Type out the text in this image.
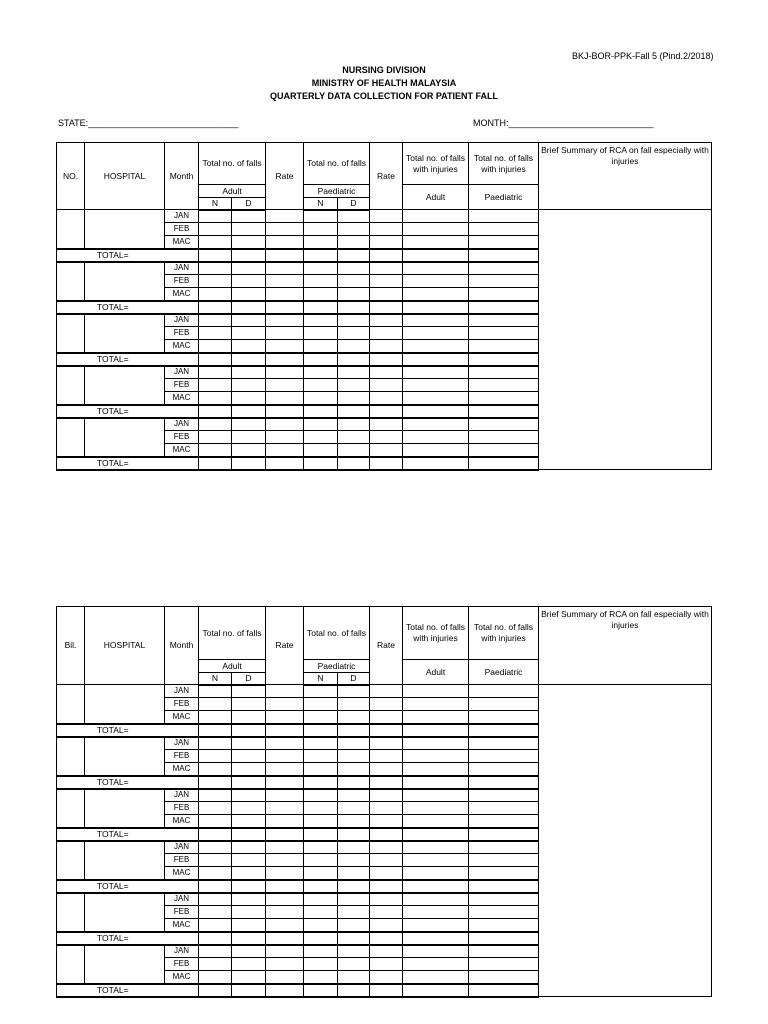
BKJ-BOR-PPK-Fall 5 (Pind.2/2018)
NURSING DIVISION
MINISTRY OF HEALTH MALAYSIA
QUARTERLY DATA COLLECTION FOR PATIENT FALL
STATE:______________________________	MONTH:_____________________________
NO.	HOSPITAL	Month	Total no. of falls		Rate	Total no. of falls		Rate	Total no. of falls with injuries	Total no. of falls with injuries	Brief Summary of RCA on fall especially with injuries
			Adult			Paediatric			Adult	Paediatric	
			N	D		N	D				
		JAN									
		FEB									
		MAC									
TOTAL=											
		JAN									
		FEB									
		MAC									
TOTAL=											
		JAN									
		FEB									
		MAC									
TOTAL=											
		JAN									
		FEB									
		MAC									
TOTAL=											
		JAN									
		FEB									
		MAC									
TOTAL=											
Bil.	HOSPITAL	Month	Total no. of falls		Rate	Total no. of falls		Rate	Total no. of falls with injuries	Total no. of falls with injuries	Brief Summary of RCA on fall especially with injuries
			Adult			Paediatric			Adult	Paediatric	
			N	D		N	D				
		JAN									
		FEB									
		MAC									
TOTAL=											
		JAN									
		FEB									
		MAC									
TOTAL=											
		JAN									
		FEB									
		MAC									
TOTAL=											
		JAN									
		FEB									
		MAC									
TOTAL=											
		JAN									
		FEB									
		MAC									
TOTAL=											
		JAN									
		FEB									
		MAC									
TOTAL=											
